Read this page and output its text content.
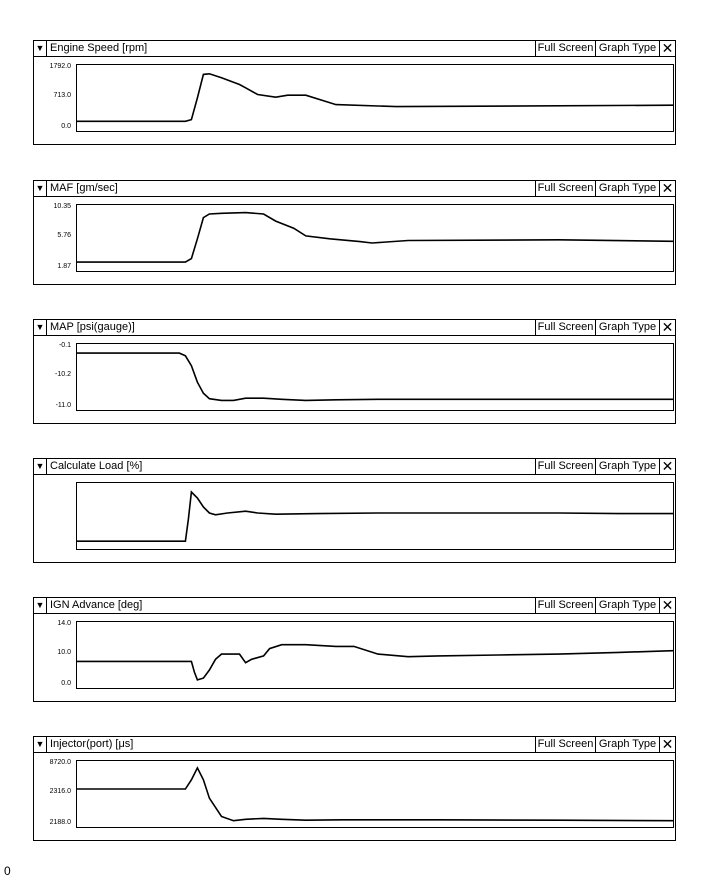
▼ Engine Speed [rpm]	Full Screen Graph Type ✕
1792.0
713.0
0.0
▼ MAF [gm/sec]	Full Screen Graph Type ✕
10.35
5.76
1.87
▼ MAP [psi(gauge)]	Full Screen Graph Type ✕
-0.1
-10.2
-11.0
▼ Calculate Load [%]	Full Screen Graph Type ✕
▼ IGN Advance [deg]	Full Screen Graph Type ✕
14.0
10.0
0.0
▼ Injector(port) [μs]	Full Screen Graph Type ✕
8720.0
2316.0
2188.0
0
